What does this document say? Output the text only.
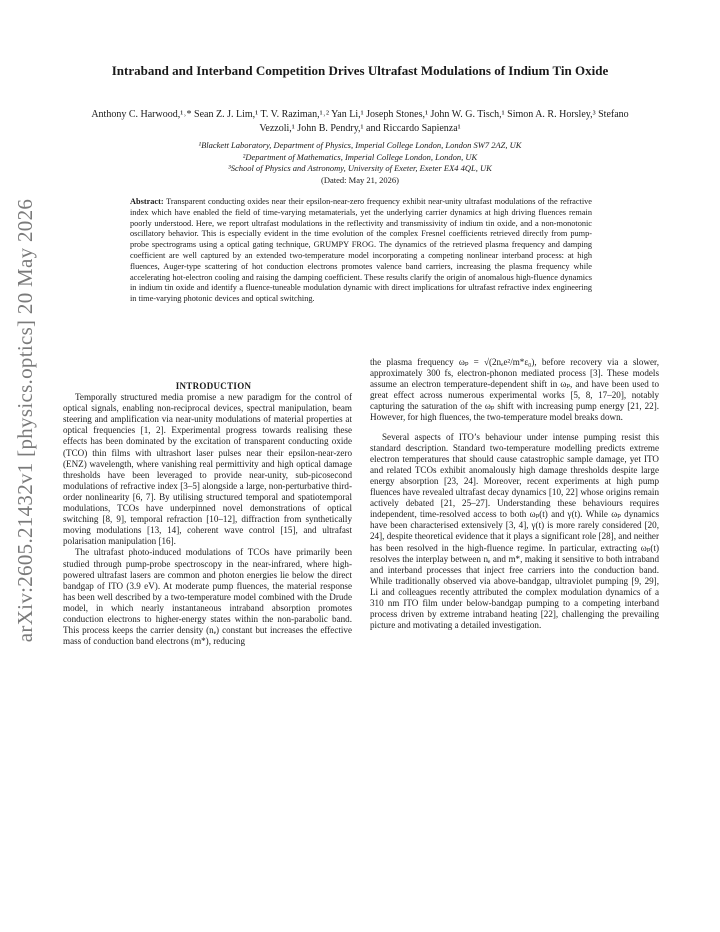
arXiv:2605.21432v1 [physics.optics] 20 May 2026
Intraband and Interband Competition Drives Ultrafast Modulations of Indium Tin Oxide
Anthony C. Harwood,¹˒* Sean Z. J. Lim,¹ T. V. Raziman,¹˒² Yan Li,¹ Joseph Stones,¹ John W. G. Tisch,¹ Simon A. R. Horsley,³ Stefano Vezzoli,¹ John B. Pendry,¹ and Riccardo Sapienza¹
¹Blackett Laboratory, Department of Physics, Imperial College London, London SW7 2AZ, UK
²Department of Mathematics, Imperial College London, London, UK
³School of Physics and Astronomy, University of Exeter, Exeter EX4 4QL, UK
(Dated: May 21, 2026)

Abstract: Transparent conducting oxides near their epsilon-near-zero frequency exhibit near-unity ultrafast modulations of the refractive index which have enabled the field of time-varying metamaterials, yet the underlying carrier dynamics at high driving fluences remain poorly understood. Here, we report ultrafast modulations in the reflectivity and transmissivity of indium tin oxide, and a non-monotonic oscillatory behavior. This is especially evident in the time evolution of the complex Fresnel coefficients retrieved directly from pump-probe spectrograms using a optical gating technique, GRUMPY FROG. The dynamics of the retrieved plasma frequency and damping coefficient are well captured by an extended two-temperature model incorporating a competing nonlinear interband process: at high fluences, Auger-type scattering of hot conduction electrons promotes valence band carriers, increasing the plasma frequency while accelerating hot-electron cooling and raising the damping coefficient. These results clarify the origin of anomalous high-fluence dynamics in indium tin oxide and identify a fluence-tuneable modulation dynamic with direct implications for ultrafast refractive index engineering in time-varying photonic devices and optical switching.

INTRODUCTION

Temporally structured media promise a new paradigm for the control of optical signals, enabling non-reciprocal devices, spectral manipulation, beam steering and amplification via near-unity modulations of material properties at optical frequencies [1, 2]. Experimental progress towards realising these effects has been dominated by the excitation of transparent conducting oxide (TCO) thin films with ultrashort laser pulses near their epsilon-near-zero (ENZ) wavelength, where vanishing real permittivity and high optical damage thresholds have been leveraged to provide near-unity, sub-picosecond modulations of refractive index [3–5] alongside a large, non-perturbative third-order nonlinearity [6, 7]. By utilising structured temporal and spatiotemporal modulations, TCOs have underpinned novel demonstrations of optical switching [8, 9], temporal refraction [10–12], diffraction from synthetically moving modulations [13, 14], coherent wave control [15], and ultrafast polarisation manipulation [16].

The ultrafast photo-induced modulations of TCOs have primarily been studied through pump-probe spectroscopy in the near-infrared, where high-powered ultrafast lasers are common and photon energies lie below the direct bandgap of ITO (3.9 eV). At moderate pump fluences, the material response has been well described by a two-temperature model combined with the Drude model, in which nearly instantaneous intraband absorption promotes conduction electrons to higher-energy states within the non-parabolic band. This process keeps the carrier density (nₑ) constant but increases the effective mass of conduction band electrons (m*), reducing

the plasma frequency ωₚ = √(2nₑe²/m*ε₀), before recovery via a slower, approximately 300 fs, electron-phonon mediated process [3]. These models assume an electron temperature-dependent shift in ωₚ, and have been used to great effect across numerous experimental works [5, 8, 17–20], notably capturing the saturation of the ωₚ shift with increasing pump energy [21, 22]. However, for high fluences, the two-temperature model breaks down.

Several aspects of ITO’s behaviour under intense pumping resist this standard description. Standard two-temperature modelling predicts extreme electron temperatures that should cause catastrophic sample damage, yet ITO and related TCOs exhibit anomalously high damage thresholds despite large energy absorption [23, 24]. Moreover, recent experiments at high pump fluences have revealed ultrafast decay dynamics [10, 22] whose origins remain actively debated [21, 25–27]. Understanding these behaviours requires independent, time-resolved access to both ωₚ(t) and γ(t). While ωₚ dynamics have been characterised extensively [3, 4], γ(t) is more rarely considered [20, 24], despite theoretical evidence that it plays a significant role [28], and neither has been resolved in the high-fluence regime. In particular, extracting ωₚ(t) resolves the interplay between nₑ and m*, making it sensitive to both intraband and interband processes that inject free carriers into the conduction band. While traditionally observed via above-bandgap, ultraviolet pumping [9, 29], Li and colleagues recently attributed the complex modulation dynamics of a 310 nm ITO film under below-bandgap pumping to a competing interband process driven by extreme intraband heating [22], challenging the prevailing picture and motivating a detailed investigation.
